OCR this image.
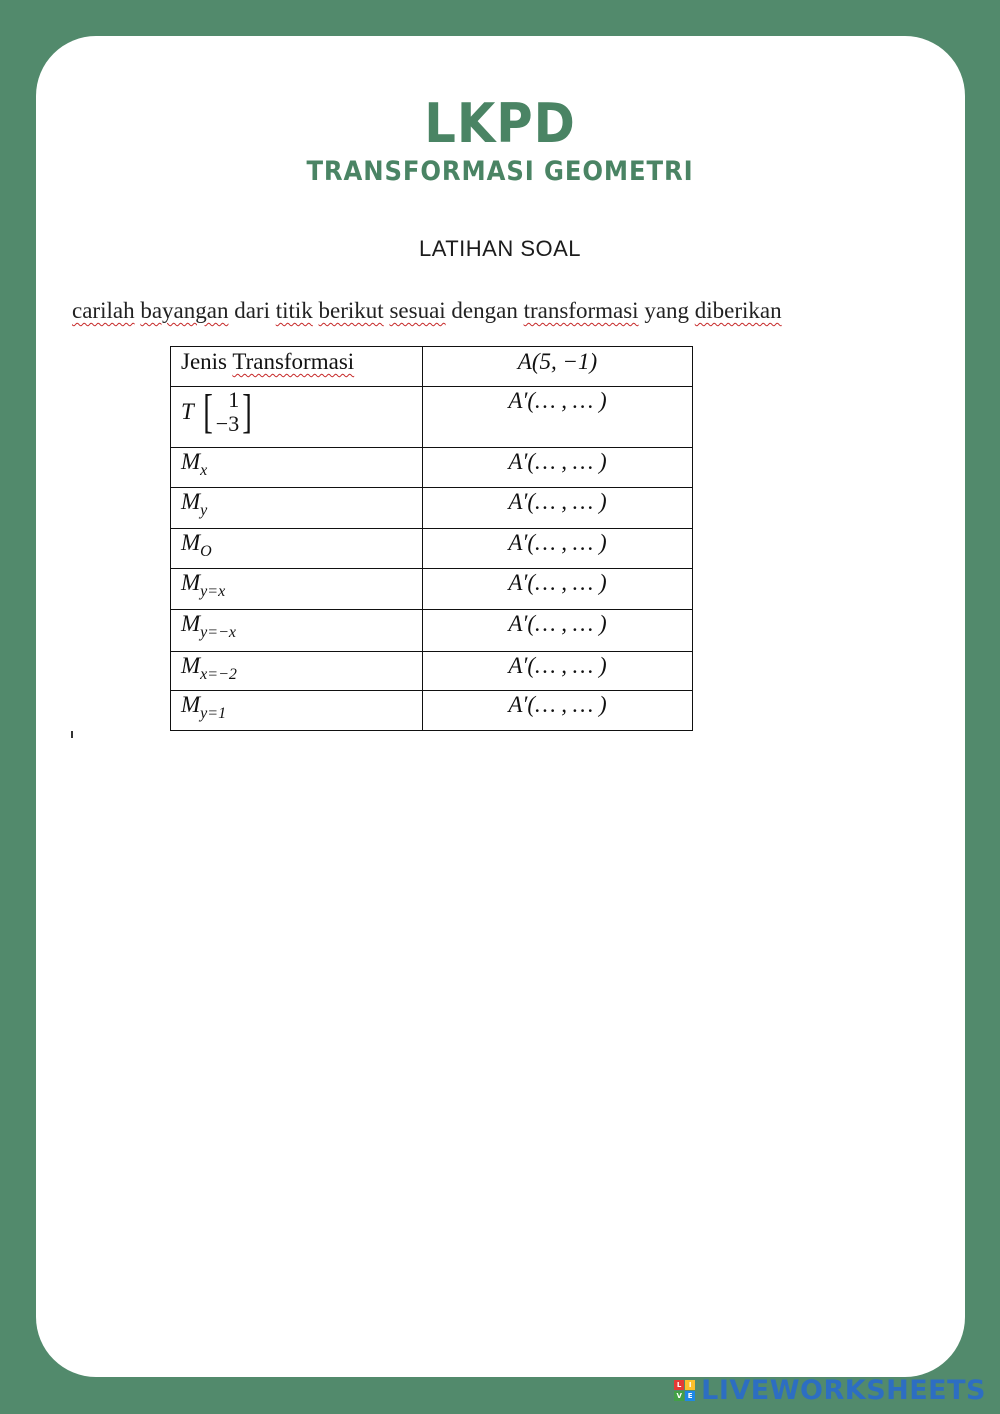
LKPD
TRANSFORMASI GEOMETRI
LATIHAN SOAL
carilah bayangan dari titik berikut sesuai dengan transformasi yang diberikan
Jenis Transformasi	A(5, −1)

T [ 1
−3 ]	A′(… , … )
$M_x$	A′(… , … )
$M_y$	A′(… , … )
$M_O$	A′(… , … )
$M_{y=x}$	A′(… , … )
$M_{y=-x}$	A′(… , … )
$M_{x=-2}$	A′(… , … )
$M_{y=1}$	A′(… , … )
L	I
V E LIVEWORKSHEETS
